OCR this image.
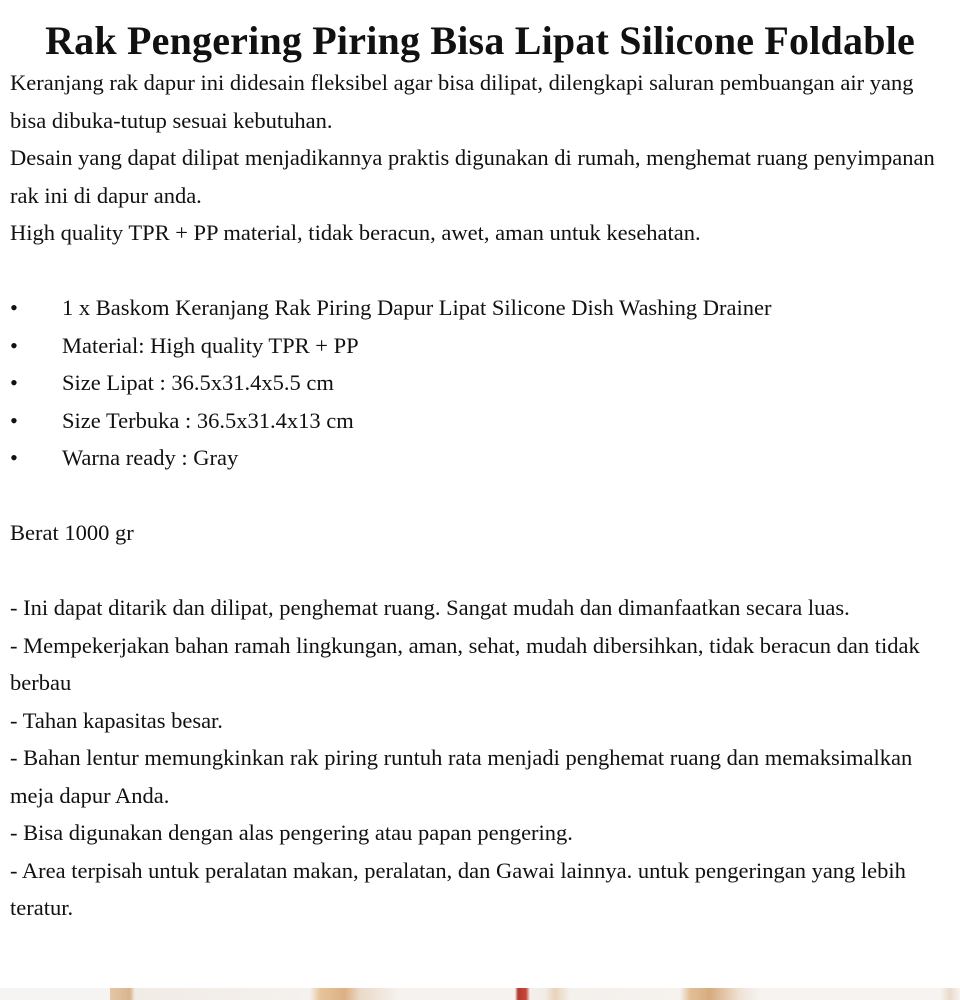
Rak Pengering Piring Bisa Lipat Silicone Foldable

Keranjang rak dapur ini didesain fleksibel agar bisa dilipat, dilengkapi saluran pembuangan air yang bisa dibuka-tutup sesuai kebutuhan.

Desain yang dapat dilipat menjadikannya praktis digunakan di rumah, menghemat ruang penyimpanan rak ini di dapur anda.

High quality TPR + PP material, tidak beracun, awet, aman untuk kesehatan.

• 1 x Baskom Keranjang Rak Piring Dapur Lipat Silicone Dish Washing Drainer
• Material: High quality TPR + PP
• Size Lipat : 36.5x31.4x5.5 cm
• Size Terbuka : 36.5x31.4x13 cm
• Warna ready : Gray

Berat 1000 gr

- Ini dapat ditarik dan dilipat, penghemat ruang. Sangat mudah dan dimanfaatkan secara luas.

- Mempekerjakan bahan ramah lingkungan, aman, sehat, mudah dibersihkan, tidak beracun dan tidak berbau

- Tahan kapasitas besar.

- Bahan lentur memungkinkan rak piring runtuh rata menjadi penghemat ruang dan memaksimalkan meja dapur Anda.

- Bisa digunakan dengan alas pengering atau papan pengering.

- Area terpisah untuk peralatan makan, peralatan, dan Gawai lainnya. untuk pengeringan yang lebih teratur.
